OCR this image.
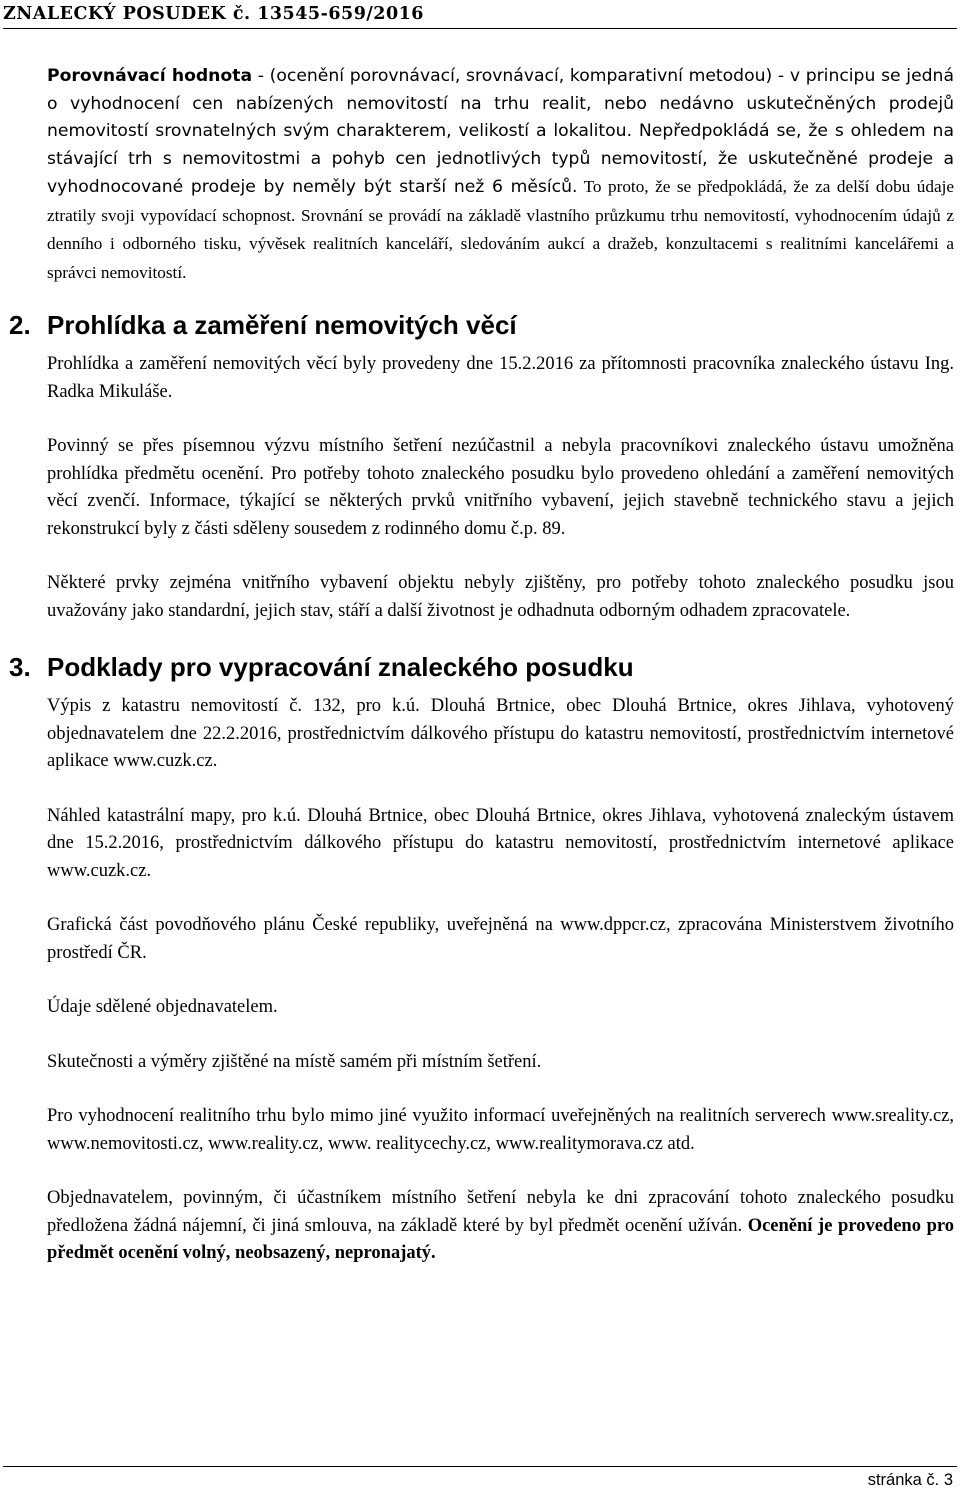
ZNALECKÝ POSUDEK č. 13545-659/2016

Porovnávací hodnota - (ocenění porovnávací, srovnávací, komparativní metodou) - v principu se jedná o vyhodnocení cen nabízených nemovitostí na trhu realit, nebo nedávno uskutečněných prodejů nemovitostí srovnatelných svým charakterem, velikostí a lokalitou. Nepředpokládá se, že s ohledem na stávající trh s nemovitostmi a pohyb cen jednotlivých typů nemovitostí, že uskutečněné prodeje a vyhodnocované prodeje by neměly být starší než 6 měsíců. To proto, že se předpokládá, že za delší dobu údaje ztratily svoji vypovídací schopnost. Srovnání se provádí na základě vlastního průzkumu trhu nemovitostí, vyhodnocením údajů z denního i odborného tisku, vývěsek realitních kanceláří, sledováním aukcí a dražeb, konzultacemi s realitními kancelářemi a správci nemovitostí.

2. Prohlídka a zaměření nemovitých věcí

Prohlídka a zaměření nemovitých věcí byly provedeny dne 15.2.2016 za přítomnosti pracovníka znaleckého ústavu Ing. Radka Mikuláše.

Povinný se přes písemnou výzvu místního šetření nezúčastnil a nebyla pracovníkovi znaleckého ústavu umožněna prohlídka předmětu ocenění. Pro potřeby tohoto znaleckého posudku bylo provedeno ohledání a zaměření nemovitých věcí zvenčí. Informace, týkající se některých prvků vnitřního vybavení, jejich stavebně technického stavu a jejich rekonstrukcí byly z části sděleny sousedem z rodinného domu č.p. 89.

Některé prvky zejména vnitřního vybavení objektu nebyly zjištěny, pro potřeby tohoto znaleckého posudku jsou uvažovány jako standardní, jejich stav, stáří a další životnost je odhadnuta odborným odhadem zpracovatele.

3. Podklady pro vypracování znaleckého posudku

Výpis z katastru nemovitostí č. 132, pro k.ú. Dlouhá Brtnice, obec Dlouhá Brtnice, okres Jihlava, vyhotovený objednavatelem dne 22.2.2016, prostřednictvím dálkového přístupu do katastru nemovitostí, prostřednictvím internetové aplikace www.cuzk.cz.

Náhled katastrální mapy, pro k.ú. Dlouhá Brtnice, obec Dlouhá Brtnice, okres Jihlava, vyhotovená znaleckým ústavem dne 15.2.2016, prostřednictvím dálkového přístupu do katastru nemovitostí, prostřednictvím internetové aplikace www.cuzk.cz.

Grafická část povodňového plánu České republiky, uveřejněná na www.dppcr.cz, zpracována Ministerstvem životního prostředí ČR.

Údaje sdělené objednavatelem.

Skutečnosti a výměry zjištěné na místě samém při místním šetření.

Pro vyhodnocení realitního trhu bylo mimo jiné využito informací uveřejněných na realitních serverech www.sreality.cz, www.nemovitosti.cz, www.reality.cz, www. realitycechy.cz, www.realitymorava.cz atd.

Objednavatelem, povinným, či účastníkem místního šetření nebyla ke dni zpracování tohoto znaleckého posudku předložena žádná nájemní, či jiná smlouva, na základě které by byl předmět ocenění užíván. Ocenění je provedeno pro předmět ocenění volný, neobsazený, nepronajatý.

stránka č. 3
